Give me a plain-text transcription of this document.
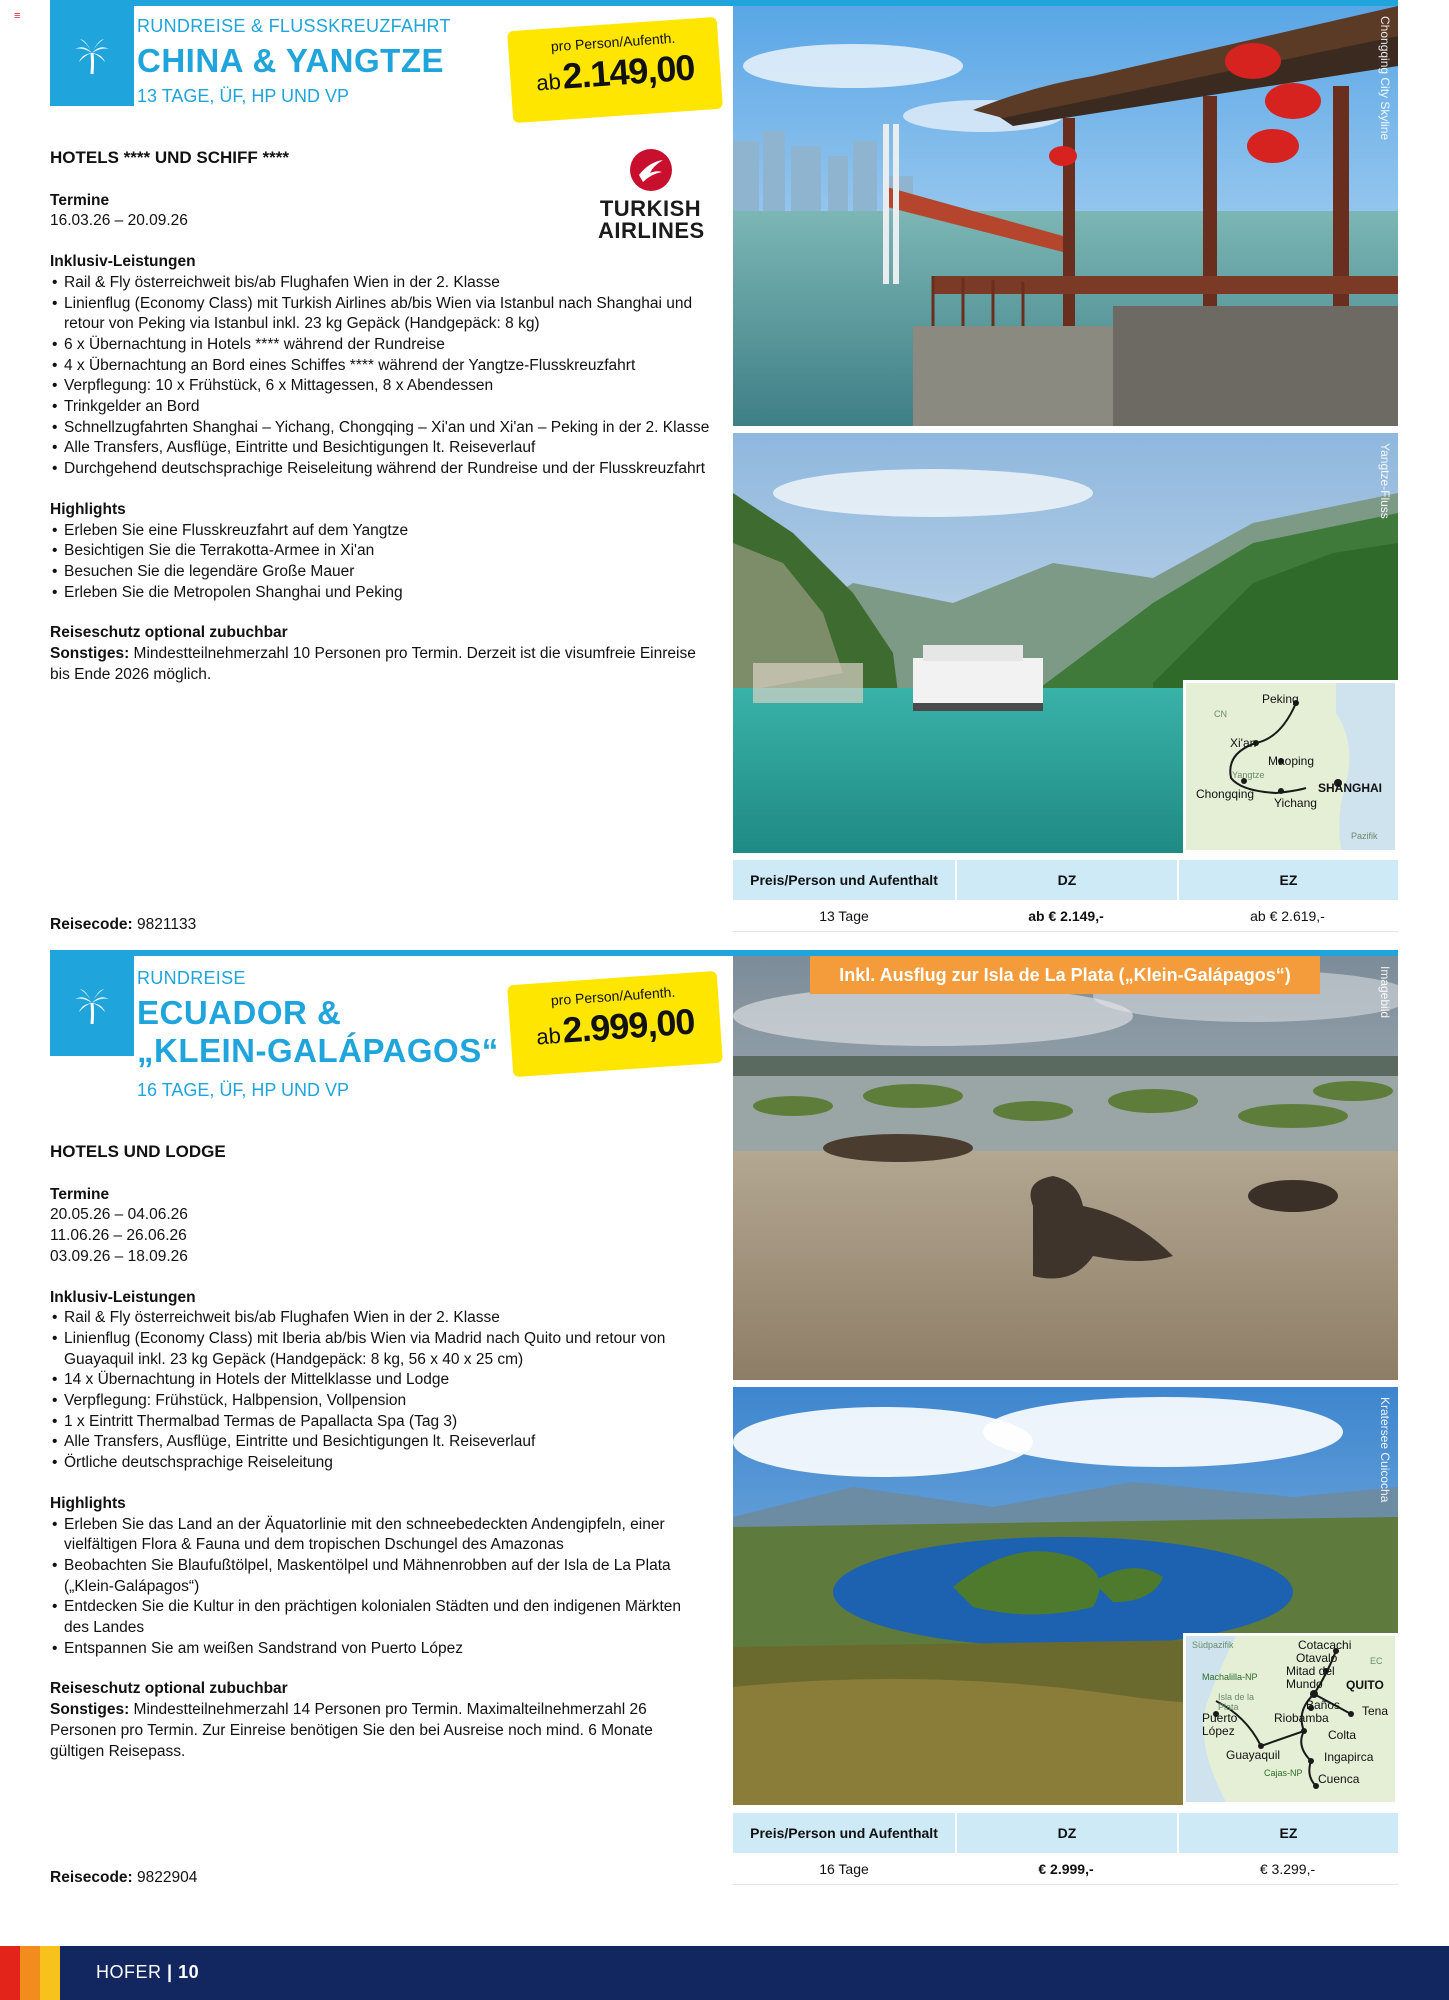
≡	RUNDREISE & FLUSSKREUZFAHRT
CHINA & YANGTZE
13 TAGE, ÜF, HP UND VP
pro Person/Aufenth.
ab 2.149,00
TURKISH AIRLINES
HOTELS **** UND SCHIFF ****
Termine
16.03.26 – 20.09.26
Inklusiv-Leistungen
• Rail & Fly österreichweit bis/ab Flughafen Wien in der 2. Klasse
• Linienflug (Economy Class) mit Turkish Airlines ab/bis Wien via Istanbul nach Shanghai und retour von Peking via Istanbul inkl. 23 kg Gepäck (Handgepäck: 8 kg)
• 6 x Übernachtung in Hotels **** während der Rundreise
• 4 x Übernachtung an Bord eines Schiffes **** während der Yangtze-Flusskreuzfahrt
• Verpflegung: 10 x Frühstück, 6 x Mittagessen, 8 x Abendessen
• Trinkgelder an Bord
• Schnellzugfahrten Shanghai – Yichang, Chongqing – Xi'an und Xi'an – Peking in der 2. Klasse
• Alle Transfers, Ausflüge, Eintritte und Besichtigungen lt. Reiseverlauf
• Durchgehend deutschsprachige Reiseleitung während der Rundreise und der Flusskreuzfahrt
Highlights
• Erleben Sie eine Flusskreuzfahrt auf dem Yangtze
• Besichtigen Sie die Terrakotta-Armee in Xi'an
• Besuchen Sie die legendäre Große Mauer
• Erleben Sie die Metropolen Shanghai und Peking
Reiseschutz optional zubuchbar
Sonstiges: Mindestteilnehmerzahl 10 Personen pro Termin. Derzeit ist die visumfreie Einreise bis Ende 2026 möglich.
Reisecode: 9821133
Chongqing City Skyline
Yangtze-Fluss
CN
Peking
Xi'an
Maoping
Yangtze
Chongqing
Yichang
SHANGHAI
Pazifik
Preis/Person und Aufenthalt	DZ	EZ
13 Tage	ab € 2.149,-	ab € 2.619,-
RUNDREISE
ECUADOR &
„KLEIN-GALÁPAGOS“
16 TAGE, ÜF, HP UND VP
pro Person/Aufenth.
ab 2.999,00
HOTELS UND LODGE
Termine
20.05.26 – 04.06.26
11.06.26 – 26.06.26
03.09.26 – 18.09.26
Inklusiv-Leistungen
• Rail & Fly österreichweit bis/ab Flughafen Wien in der 2. Klasse
• Linienflug (Economy Class) mit Iberia ab/bis Wien via Madrid nach Quito und retour von Guayaquil inkl. 23 kg Gepäck (Handgepäck: 8 kg, 56 x 40 x 25 cm)
• 14 x Übernachtung in Hotels der Mittelklasse und Lodge
• Verpflegung: Frühstück, Halbpension, Vollpension
• 1 x Eintritt Thermalbad Termas de Papallacta Spa (Tag 3)
• Alle Transfers, Ausflüge, Eintritte und Besichtigungen lt. Reiseverlauf
• Örtliche deutschsprachige Reiseleitung
Highlights
• Erleben Sie das Land an der Äquatorlinie mit den schneebedeckten Andengipfeln, einer vielfältigen Flora & Fauna und dem tropischen Dschungel des Amazonas
• Beobachten Sie Blaufußtölpel, Maskentölpel und Mähnenrobben auf der Isla de La Plata („Klein-Galápagos“)
• Entdecken Sie die Kultur in den prächtigen kolonialen Städten und den indigenen Märkten des Landes
• Entspannen Sie am weißen Sandstrand von Puerto López
Reiseschutz optional zubuchbar
Sonstiges: Mindestteilnehmerzahl 14 Personen pro Termin. Maximalteilnehmerzahl 26 Personen pro Termin. Zur Einreise benötigen Sie den bei Ausreise noch mind. 6 Monate gültigen Reisepass.
Reisecode: 9822904
Imagebild
Inkl. Ausflug zur Isla de La Plata („Klein-Galápagos“)
Kratersee Cuicocha
Südpazifik
Machalilla-NP
Isla de la Plata
Puerto López
Guayaquil
Cajas-NP
Cotacachi
Otavalo
Mitad del Mundo	QUITO
EC
Baños
Riobamba	Tena
Colta
Ingapirca
Cuenca
Preis/Person und Aufenthalt	DZ	EZ
16 Tage	€ 2.999,-	€ 3.299,-
HOFER | 10
